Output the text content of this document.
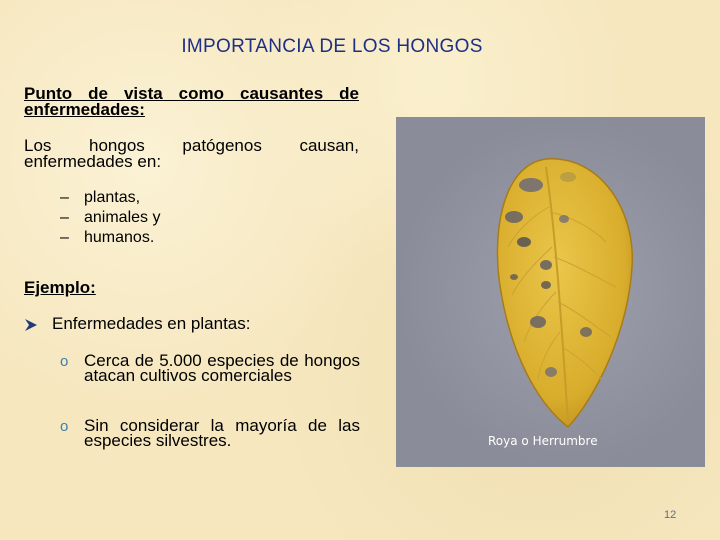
IMPORTANCIA DE LOS HONGOS
Punto de vista como causantes de enfermedades:
Los hongos patógenos causan, enfermedades en:
– plantas,
– animales y
– humanos.
Ejemplo:
Enfermedades en plantas:
o Cerca de 5.000 especies de hongos atacan cultivos comerciales
o Sin considerar la mayoría de las especies silvestres.	Roya o Herrumbre
12
